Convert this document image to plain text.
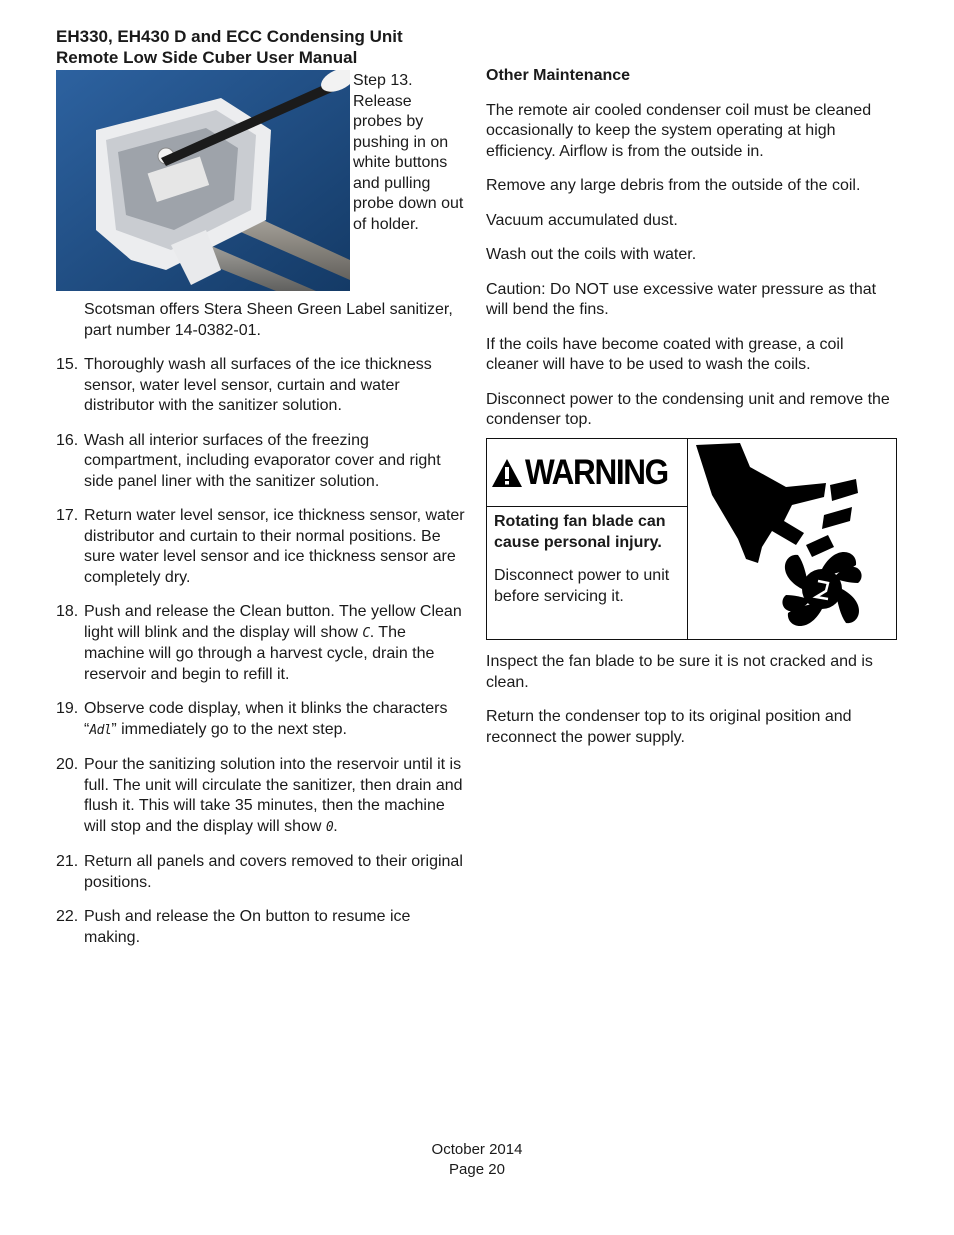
EH330, EH430 D and ECC Condensing Unit
Remote Low Side Cuber User Manual
Step 13. Release probes by pushing in on white buttons and pulling probe down out of holder.

Scotsman offers Stera Sheen Green Label sanitizer, part number 14-0382-01.

15. Thoroughly wash all surfaces of the ice thickness sensor, water level sensor, curtain and water distributor with the sanitizer solution.
16. Wash all interior surfaces of the freezing compartment, including evaporator cover and right side panel liner with the sanitizer solution.
17. Return water level sensor, ice thickness sensor, water distributor and curtain to their normal positions. Be sure water level sensor and ice thickness sensor are completely dry.
18. Push and release the Clean button. The yellow Clean light will blink and the display will show C. The machine will go through a harvest cycle, drain the reservoir and begin to refill it.
19. Observe code display, when it blinks the characters “Adl” immediately go to the next step.
20. Pour the sanitizing solution into the reservoir until it is full. The unit will circulate the sanitizer, then drain and flush it. This will take 35 minutes, then the machine will stop and the display will show 0.
21. Return all panels and covers removed to their original positions.
22. Push and release the On button to resume ice making.

Other Maintenance

The remote air cooled condenser coil must be cleaned occasionally to keep the system operating at high efficiency. Airflow is from the outside in.

Remove any large debris from the outside of the coil.

Vacuum accumulated dust.

Wash out the coils with water.

Caution: Do NOT use excessive water pressure as that will bend the fins.

If the coils have become coated with grease, a coil cleaner will have to be used to wash the coils.

Disconnect power to the condensing unit and remove the condenser top.

WARNING

Rotating fan blade can cause personal injury.

Disconnect power to unit before servicing it.

Inspect the fan blade to be sure it is not cracked and is clean.

Return the condenser top to its original position and reconnect the power supply.

October 2014
Page 20
